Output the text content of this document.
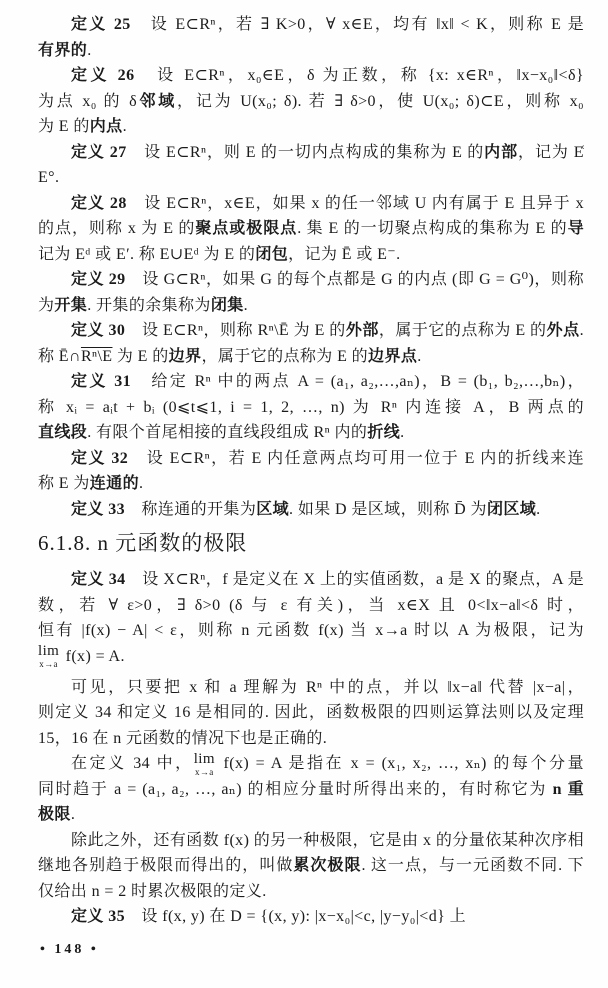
定义 25　设 E⊂Rⁿ，若 ∃ K>0，∀ x∈E，均有 ‖x‖ < K，则称 E 是
有界的.
定义 26　设 E⊂Rⁿ，x₀∈E，δ 为正数，称 {x: x∈Rⁿ，‖x−x₀‖<δ}
为点 x₀ 的 δ邻域，记为 U(x₀; δ). 若 ∃ δ>0，使 U(x₀; δ)⊂E，则称 x₀
为 E 的内点.
定义 27　设 E⊂Rⁿ，则 E 的一切内点构成的集称为 E 的内部，记为 E̊
E°.
定义 28　设 E⊂Rⁿ，x∈E，如果 x 的任一邻域 U 内有属于 E 且异于 x
的点，则称 x 为 E 的聚点或极限点. 集 E 的一切聚点构成的集称为 E 的导
记为 Eᵈ 或 E′. 称 E∪Eᵈ 为 E 的闭包，记为 Ē 或 E⁻.
定义 29　设 G⊂Rⁿ，如果 G 的每个点都是 G 的内点 (即 G = G⁰)，则称
为开集. 开集的余集称为闭集.
定义 30　设 E⊂Rⁿ，则称 Rⁿ\Ē 为 E 的外部，属于它的点称为 E 的外点.
称 Ē∩Rⁿ\E 为 E 的边界，属于它的点称为 E 的边界点.
定义 31　给定 Rⁿ 中的两点 A = (a₁, a₂,…,aₙ)，B = (b₁, b₂,…,bₙ)，
称 xᵢ = aᵢt + bᵢ (0⩽t⩽1, i = 1, 2, …, n) 为 Rⁿ 内连接 A，B 两点的
直线段. 有限个首尾相接的直线段组成 Rⁿ 内的折线.
定义 32　设 E⊂Rⁿ，若 E 内任意两点均可用一位于 E 内的折线来连
称 E 为连通的.
定义 33　称连通的开集为区域. 如果 D 是区域，则称 D̄ 为闭区域.
6.1.8. n 元函数的极限
定义 34　设 X⊂Rⁿ，f 是定义在 X 上的实值函数，a 是 X 的聚点，A 是
数，若 ∀ ε>0，∃ δ>0 (δ 与 ε 有关)，当 x∈X 且 0<‖x−a‖<δ 时，
恒有 |f(x) − A| < ε，则称 n 元函数 f(x) 当 x→a 时以 A 为极限，记为
lim
x→a f(x) = A.
可见，只要把 x 和 a 理解为 Rⁿ 中的点，并以 ‖x−a‖ 代替 |x−a|，
则定义 34 和定义 16 是相同的. 因此，函数极限的四则运算法则以及定理
15，16 在 n 元函数的情况下也是正确的.
在定义 34 中， lim
x→a f(x) = A 是指在 x = (x₁, x₂, …, xₙ) 的每个分量
同时趋于 a = (a₁, a₂, …, aₙ) 的相应分量时所得出来的，有时称它为 n 重
极限.
除此之外，还有函数 f(x) 的另一种极限，它是由 x 的分量依某种次序相
继地各别趋于极限而得出的，叫做累次极限. 这一点，与一元函数不同. 下
仅给出 n = 2 时累次极限的定义.
定义 35　设 f(x, y) 在 D = {(x, y): |x−x₀|<c, |y−y₀|<d} 上
• 148 •
